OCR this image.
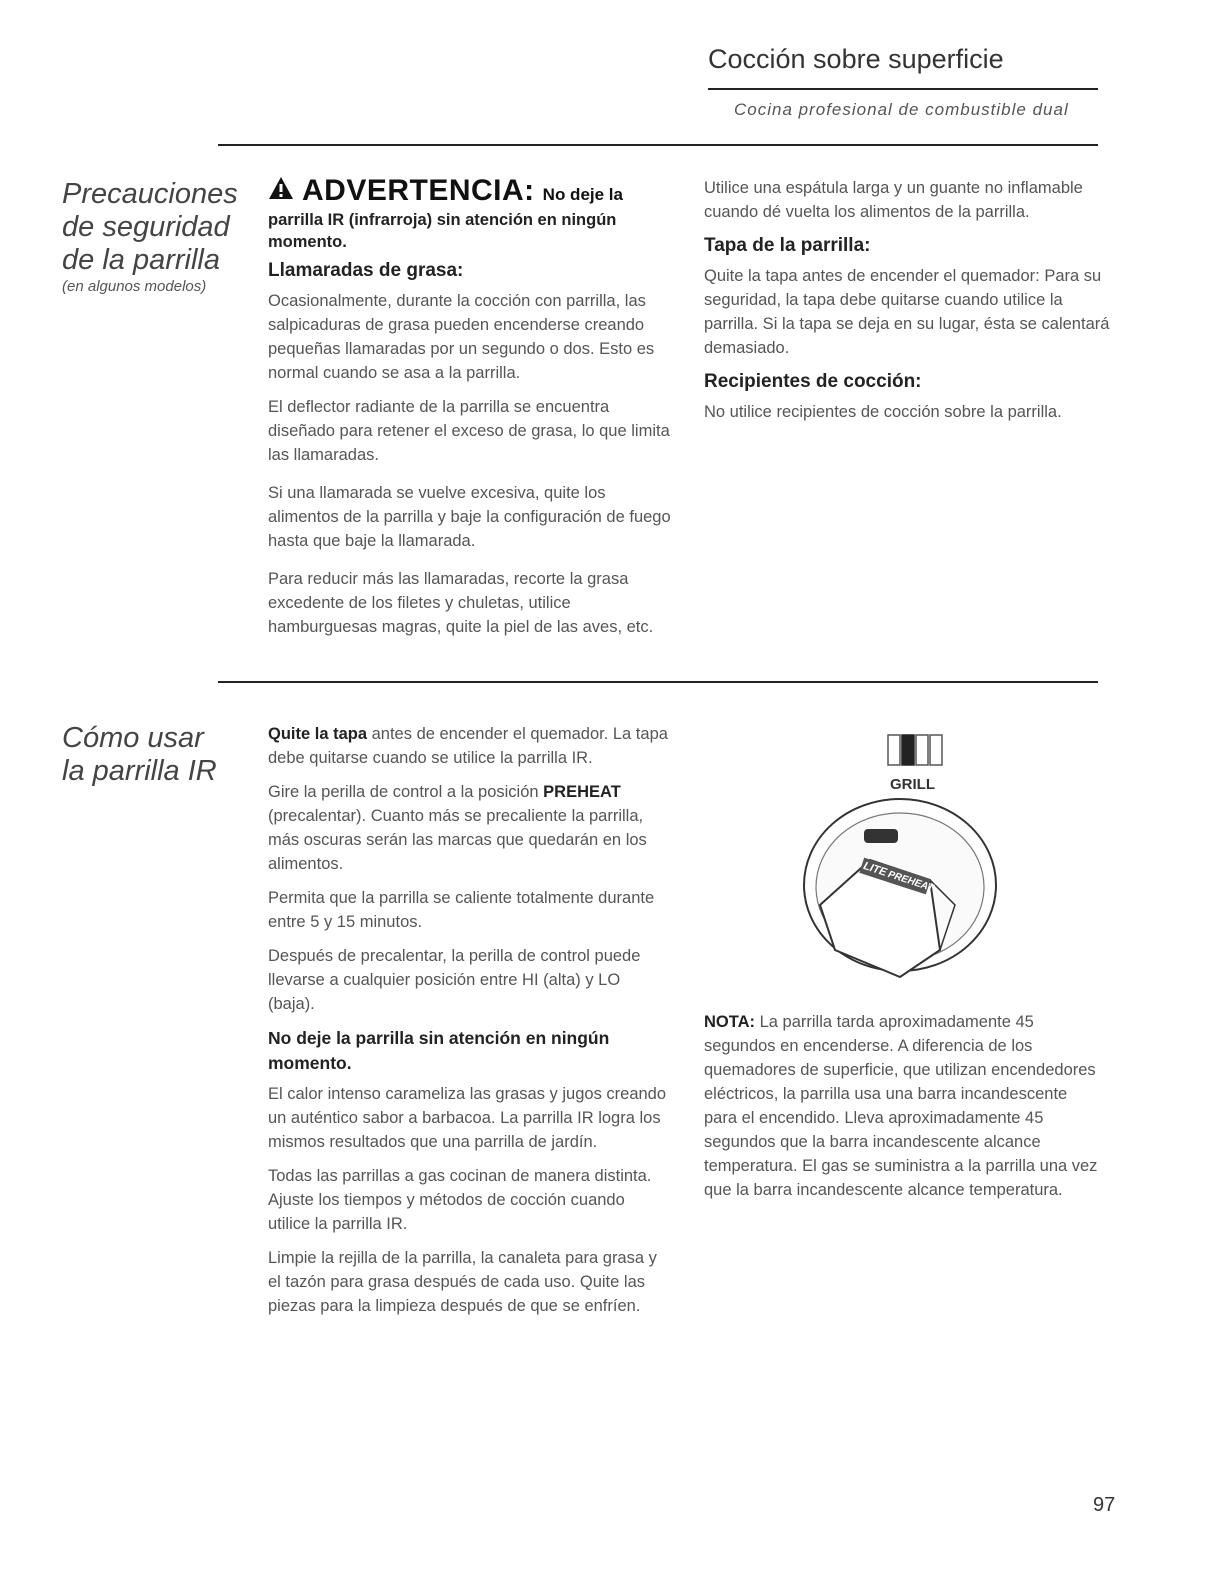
Cocción sobre superficie
Cocina profesional de combustible dual
Precauciones
de seguridad
de la parrilla
(en algunos modelos)
ADVERTENCIA: No deje la
parrilla IR (infrarroja) sin atención en ningún momento.
Llamaradas de grasa:

Ocasionalmente, durante la cocción con parrilla, las salpicaduras de grasa pueden encenderse creando pequeñas llamaradas por un segundo o dos. Esto es normal cuando se asa a la parrilla.

El deflector radiante de la parrilla se encuentra diseñado para retener el exceso de grasa, lo que limita las llamaradas.

Si una llamarada se vuelve excesiva, quite los alimentos de la parrilla y baje la configuración de fuego hasta que baje la llamarada.

Para reducir más las llamaradas, recorte la grasa excedente de los filetes y chuletas, utilice hamburguesas magras, quite la piel de las aves, etc.

Utilice una espátula larga y un guante no inflamable cuando dé vuelta los alimentos de la parrilla.

Tapa de la parrilla:

Quite la tapa antes de encender el quemador: Para su seguridad, la tapa debe quitarse cuando utilice la parrilla. Si la tapa se deja en su lugar, ésta se calentará demasiado.

Recipientes de cocción:

No utilice recipientes de cocción sobre la parrilla.

Cómo usar
la parrilla IR

Quite la tapa antes de encender el quemador. La tapa debe quitarse cuando se utilice la parrilla IR.

Gire la perilla de control a la posición PREHEAT (precalentar). Cuanto más se precaliente la parrilla, más oscuras serán las marcas que quedarán en los alimentos.

Permita que la parrilla se caliente totalmente durante entre 5 y 15 minutos.

Después de precalentar, la perilla de control puede llevarse a cualquier posición entre HI (alta) y LO (baja).

No deje la parrilla sin atención en ningún momento.

El calor intenso carameliza las grasas y jugos creando un auténtico sabor a barbacoa. La parrilla IR logra los mismos resultados que una parrilla de jardín.

Todas las parrillas a gas cocinan de manera distinta. Ajuste los tiempos y métodos de cocción cuando utilice la parrilla IR.

Limpie la rejilla de la parrilla, la canaleta para grasa y el tazón para grasa después de cada uso. Quite las piezas para la limpieza después de que se enfríen.

GRILL
LITE
PREHEAT
NOTA: La parrilla tarda aproximadamente 45 segundos en encenderse. A diferencia de los quemadores de superficie, que utilizan encendedores eléctricos, la parrilla usa una barra incandescente para el encendido. Lleva aproximadamente 45 segundos que la barra incandescente alcance temperatura. El gas se suministra a la parrilla una vez que la barra incandescente alcance temperatura.
97
